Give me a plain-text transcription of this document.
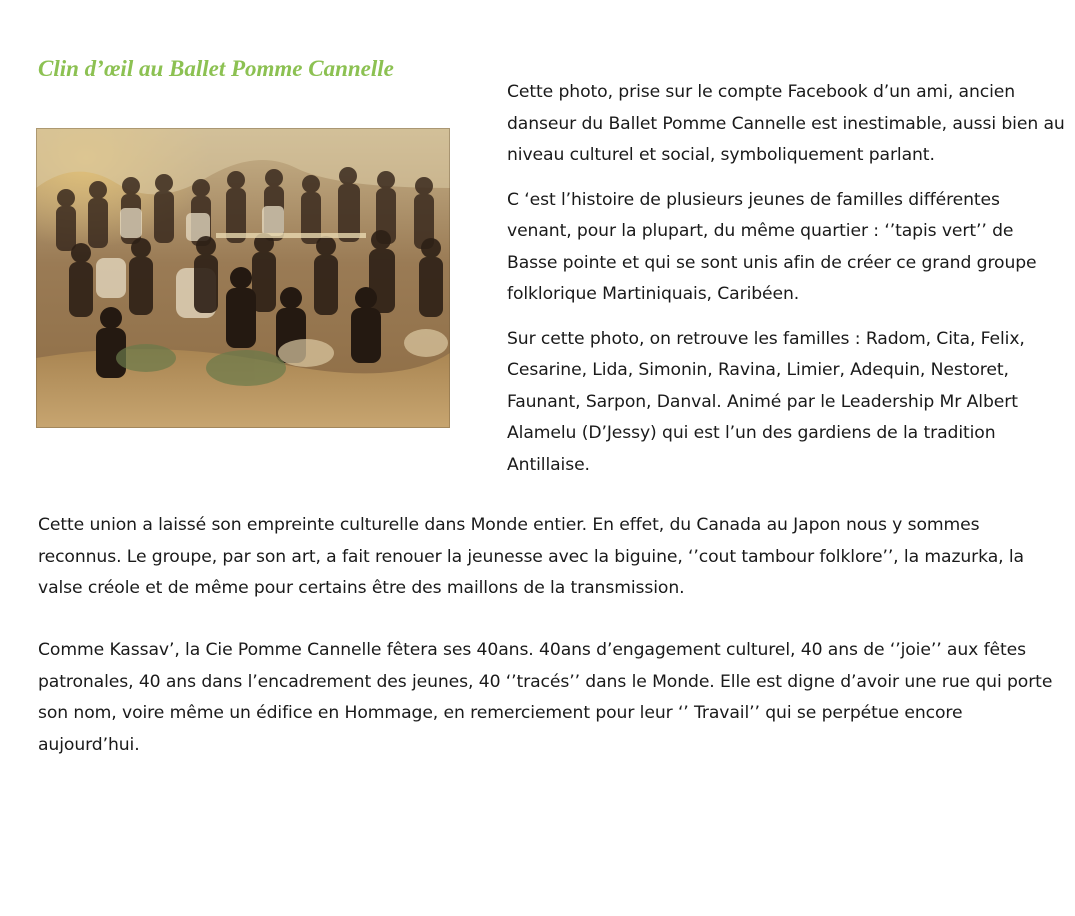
Clin d’œil au Ballet Pomme Cannelle

Cette photo, prise sur le compte Facebook d’un ami, ancien danseur du Ballet Pomme Cannelle est inestimable, aussi bien au niveau culturel et social, symboliquement parlant.

C ‘est l’histoire de plusieurs jeunes de familles différentes venant, pour la plupart, du même quartier : ‘’tapis vert’’ de Basse pointe et qui se sont unis afin de créer ce grand groupe folklorique Martiniquais, Caribéen.

Sur cette photo, on retrouve les familles : Radom, Cita, Felix, Cesarine, Lida, Simonin, Ravina, Limier, Adequin, Nestoret, Faunant, Sarpon, Danval. Animé par le Leadership Mr Albert Alamelu (D’Jessy) qui est l’un des gardiens de la tradition Antillaise.

Cette union a laissé son empreinte culturelle dans Monde entier. En effet, du Canada au Japon nous y sommes reconnus. Le groupe, par son art, a fait renouer la jeunesse avec la biguine, ‘’cout tambour folklore’’, la mazurka, la valse créole et de même pour certains être des maillons de la transmission.

Comme Kassav’, la Cie Pomme Cannelle fêtera ses 40ans. 40ans d’engagement culturel, 40 ans de ‘’joie’’ aux fêtes patronales, 40 ans dans l’encadrement des jeunes, 40 ‘’tracés’’ dans le Monde. Elle est digne d’avoir une rue qui porte son nom, voire même un édifice en Hommage, en remerciement pour leur ‘’ Travail’’ qui se perpétue encore aujourd’hui.
